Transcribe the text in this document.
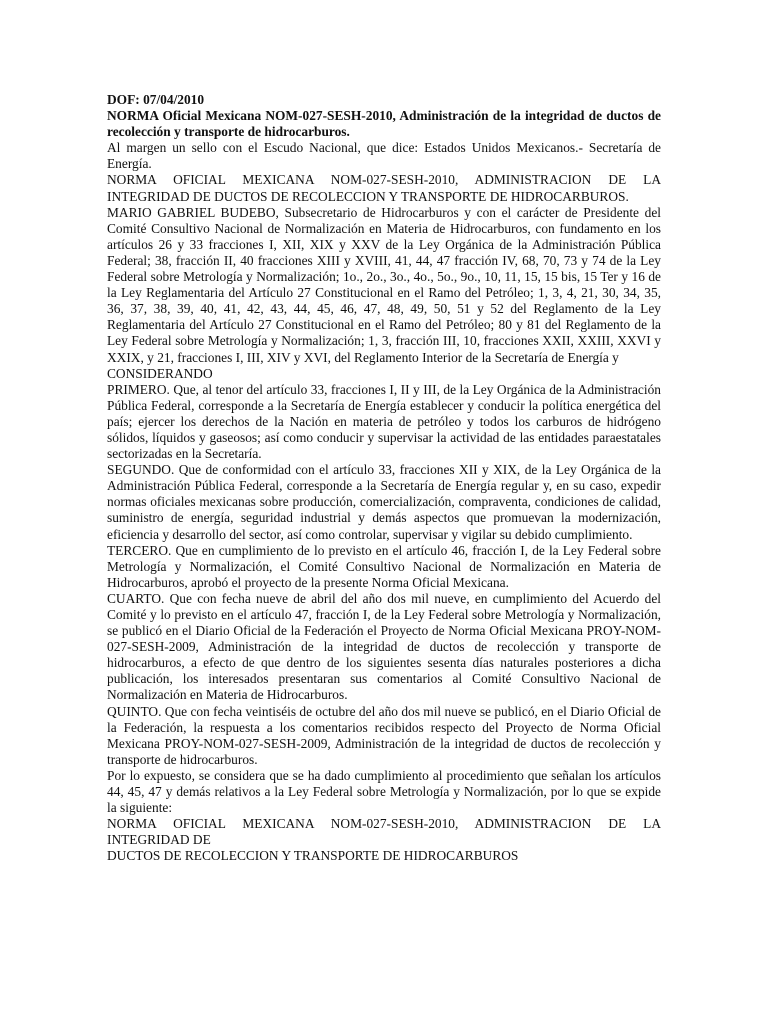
DOF: 07/04/2010

NORMA Oficial Mexicana NOM-027-SESH-2010, Administración de la integridad de ductos de recolección y transporte de hidrocarburos.

Al margen un sello con el Escudo Nacional, que dice: Estados Unidos Mexicanos.- Secretaría de Energía.

NORMA OFICIAL MEXICANA NOM-027-SESH-2010, ADMINISTRACION DE LA INTEGRIDAD DE DUCTOS DE RECOLECCION Y TRANSPORTE DE HIDROCARBUROS.

MARIO GABRIEL BUDEBO, Subsecretario de Hidrocarburos y con el carácter de Presidente del Comité Consultivo Nacional de Normalización en Materia de Hidrocarburos, con fundamento en los artículos 26 y 33 fracciones I, XII, XIX y XXV de la Ley Orgánica de la Administración Pública Federal; 38, fracción II, 40 fracciones XIII y XVIII, 41, 44, 47 fracción IV, 68, 70, 73 y 74 de la Ley Federal sobre Metrología y Normalización; 1o., 2o., 3o., 4o., 5o., 9o., 10, 11, 15, 15 bis, 15 Ter y 16 de la Ley Reglamentaria del Artículo 27 Constitucional en el Ramo del Petróleo; 1, 3, 4, 21, 30, 34, 35, 36, 37, 38, 39, 40, 41, 42, 43, 44, 45, 46, 47, 48, 49, 50, 51 y 52 del Reglamento de la Ley Reglamentaria del Artículo 27 Constitucional en el Ramo del Petróleo; 80 y 81 del Reglamento de la Ley Federal sobre Metrología y Normalización; 1, 3, fracción III, 10, fracciones XXII, XXIII, XXVI y XXIX, y 21, fracciones I, III, XIV y XVI, del Reglamento Interior de la Secretaría de Energía y

CONSIDERANDO

PRIMERO. Que, al tenor del artículo 33, fracciones I, II y III, de la Ley Orgánica de la Administración Pública Federal, corresponde a la Secretaría de Energía establecer y conducir la política energética del país; ejercer los derechos de la Nación en materia de petróleo y todos los carburos de hidrógeno sólidos, líquidos y gaseosos; así como conducir y supervisar la actividad de las entidades paraestatales sectorizadas en la Secretaría.

SEGUNDO. Que de conformidad con el artículo 33, fracciones XII y XIX, de la Ley Orgánica de la Administración Pública Federal, corresponde a la Secretaría de Energía regular y, en su caso, expedir normas oficiales mexicanas sobre producción, comercialización, compraventa, condiciones de calidad, suministro de energía, seguridad industrial y demás aspectos que promuevan la modernización, eficiencia y desarrollo del sector, así como controlar, supervisar y vigilar su debido cumplimiento.

TERCERO. Que en cumplimiento de lo previsto en el artículo 46, fracción I, de la Ley Federal sobre Metrología y Normalización, el Comité Consultivo Nacional de Normalización en Materia de Hidrocarburos, aprobó el proyecto de la presente Norma Oficial Mexicana.

CUARTO. Que con fecha nueve de abril del año dos mil nueve, en cumplimiento del Acuerdo del Comité y lo previsto en el artículo 47, fracción I, de la Ley Federal sobre Metrología y Normalización, se publicó en el Diario Oficial de la Federación el Proyecto de Norma Oficial Mexicana PROY-NOM-027-SESH-2009, Administración de la integridad de ductos de recolección y transporte de hidrocarburos, a efecto de que dentro de los siguientes sesenta días naturales posteriores a dicha publicación, los interesados presentaran sus comentarios al Comité Consultivo Nacional de Normalización en Materia de Hidrocarburos.

QUINTO. Que con fecha veintiséis de octubre del año dos mil nueve se publicó, en el Diario Oficial de la Federación, la respuesta a los comentarios recibidos respecto del Proyecto de Norma Oficial Mexicana PROY-NOM-027-SESH-2009, Administración de la integridad de ductos de recolección y transporte de hidrocarburos.

Por lo expuesto, se considera que se ha dado cumplimiento al procedimiento que señalan los artículos 44, 45, 47 y demás relativos a la Ley Federal sobre Metrología y Normalización, por lo que se expide la siguiente:

NORMA OFICIAL MEXICANA NOM-027-SESH-2010, ADMINISTRACION DE LA INTEGRIDAD DE

DUCTOS DE RECOLECCION Y TRANSPORTE DE HIDROCARBUROS
